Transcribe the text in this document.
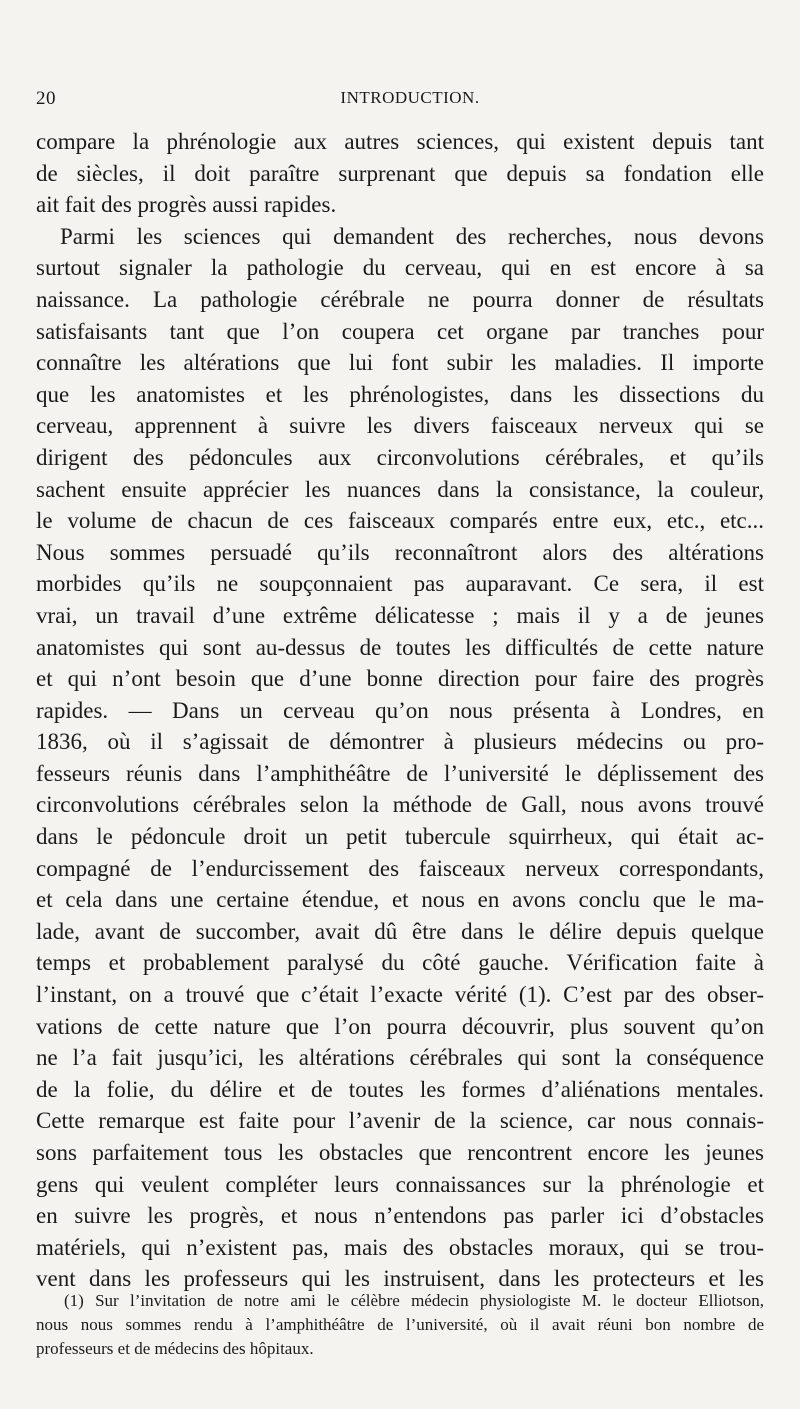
20	INTRODUCTION.
compare la phrénologie aux autres sciences, qui existent depuis tant
de siècles, il doit paraître surprenant que depuis sa fondation elle
ait fait des progrès aussi rapides.
Parmi les sciences qui demandent des recherches, nous devons
surtout signaler la pathologie du cerveau, qui en est encore à sa
naissance. La pathologie cérébrale ne pourra donner de résultats
satisfaisants tant que l’on coupera cet organe par tranches pour
connaître les altérations que lui font subir les maladies. Il importe
que les anatomistes et les phrénologistes, dans les dissections du
cerveau, apprennent à suivre les divers faisceaux nerveux qui se
dirigent des pédoncules aux circonvolutions cérébrales, et qu’ils
sachent ensuite apprécier les nuances dans la consistance, la couleur,
le volume de chacun de ces faisceaux comparés entre eux, etc., etc...
Nous sommes persuadé qu’ils reconnaîtront alors des altérations
morbides qu’ils ne soupçonnaient pas auparavant. Ce sera, il est
vrai, un travail d’une extrême délicatesse ; mais il y a de jeunes
anatomistes qui sont au-dessus de toutes les difficultés de cette nature
et qui n’ont besoin que d’une bonne direction pour faire des progrès
rapides. — Dans un cerveau qu’on nous présenta à Londres, en
1836, où il s’agissait de démontrer à plusieurs médecins ou pro-
fesseurs réunis dans l’amphithéâtre de l’université le déplissement des
circonvolutions cérébrales selon la méthode de Gall, nous avons trouvé
dans le pédoncule droit un petit tubercule squirrheux, qui était ac-
compagné de l’endurcissement des faisceaux nerveux correspondants,
et cela dans une certaine étendue, et nous en avons conclu que le ma-
lade, avant de succomber, avait dû être dans le délire depuis quelque
temps et probablement paralysé du côté gauche. Vérification faite à
l’instant, on a trouvé que c’était l’exacte vérité (1). C’est par des obser-
vations de cette nature que l’on pourra découvrir, plus souvent qu’on
ne l’a fait jusqu’ici, les altérations cérébrales qui sont la conséquence
de la folie, du délire et de toutes les formes d’aliénations mentales.
Cette remarque est faite pour l’avenir de la science, car nous connais-
sons parfaitement tous les obstacles que rencontrent encore les jeunes
gens qui veulent compléter leurs connaissances sur la phrénologie et
en suivre les progrès, et nous n’entendons pas parler ici d’obstacles
matériels, qui n’existent pas, mais des obstacles moraux, qui se trou-
vent dans les professeurs qui les instruisent, dans les protecteurs et les
(1) Sur l’invitation de notre ami le célèbre médecin physiologiste M. le docteur Elliotson,
nous nous sommes rendu à l’amphithéâtre de l’université, où il avait réuni bon nombre de
professeurs et de médecins des hôpitaux.
